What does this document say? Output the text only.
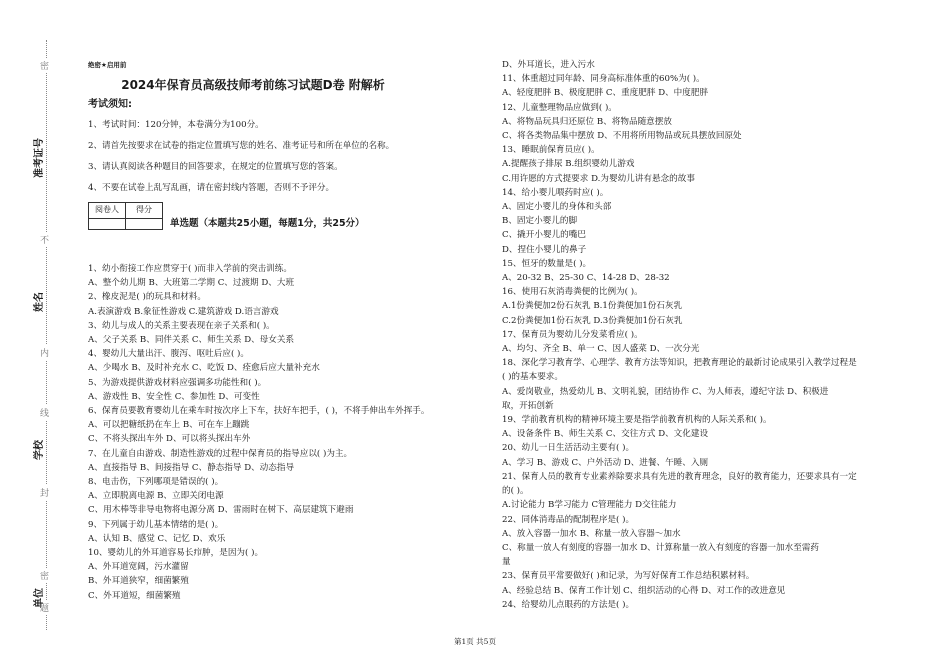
密
不
内
线
封
密
题
准考证号
姓名
学校
单位
绝密★启用前
2024年保育员高级技师考前练习试题D卷 附解析
考试须知:
1、考试时间：120分钟，本卷满分为100分。
2、请首先按要求在试卷的指定位置填写您的姓名、准考证号和所在单位的名称。
3、请认真阅读各种题目的回答要求，在规定的位置填写您的答案。
4、不要在试卷上乱写乱画，请在密封线内答题，否则不予评分。
阅卷人	得分

单选题（本题共25小题，每题1分，共25分）
1、幼小衔接工作应贯穿于( )而非入学前的突击训练。
A、整个幼儿期 B、大班第二学期 C、过渡期 D、大班
2、橡皮泥是( )的玩具和材料。
A.表演游戏 B.象征性游戏 C.建筑游戏 D.语言游戏
3、幼儿与成人的关系主要表现在亲子关系和( )。
A、父子关系 B、同伴关系 C、师生关系 D、母女关系
4、婴幼儿大量出汗、腹泻、呕吐后应( )。
A、少喝水 B、及时补充水 C、吃饭 D、痊愈后应大量补充水
5、为游戏提供游戏材料应强调多功能性和( )。
A、游戏性 B、安全性 C、参加性 D、可变性
6、保育员要教育婴幼儿在乘车时按次序上下车，扶好车把手，( )，不将手伸出车外挥手。
A、可以把糖纸扔在车上 B、可在车上蹦跳
C、不将头探出车外 D、可以将头探出车外
7、在儿童自由游戏、制造性游戏的过程中保育员的指导应以( )为主。
A、直接指导 B、间接指导 C、静态指导 D、动态指导
8、电击伤，下列哪项是错误的( )。
A、立即脱离电源 B、立即关闭电源
C、用木棒等非导电物将电源分离 D、雷雨时在树下、高层建筑下避雨
9、下列属于幼儿基本情绪的是( )。
A、认知 B、感觉 C、记忆 D、欢乐
10、婴幼儿的外耳道容易长疖肿，是因为( )。
A、外耳道宽阔，污水灌留
B、外耳道狭窄，细菌繁殖
C、外耳道短，细菌繁殖
D、外耳道长，进入污水
11、体重超过同年龄、同身高标准体重的60%为( )。
A、轻度肥胖 B、极度肥胖 C、重度肥胖 D、中度肥胖
12、儿童整理物品应做到( )。
A、将物品玩具归还原位 B、将物品随意摆放
C、将各类物品集中摆放 D、不用将所用物品或玩具摆放回原处
13、睡眠前保育员应( )。
A.提醒孩子排尿 B.组织婴幼儿游戏
C.用许愿的方式提要求 D.为婴幼儿讲有悬念的故事
14、给小婴儿喂药时应( )。
A、固定小婴儿的身体和头部
B、固定小婴儿的脚
C、撬开小婴儿的嘴巴
D、捏住小婴儿的鼻子
15、恒牙的数量是( )。
A、20-32 B、25-30 C、14-28 D、28-32
16、使用石灰消毒粪便的比例为( )。
A.1份粪便加2份石灰乳 B.1份粪便加1份石灰乳
C.2份粪便加1份石灰乳 D.3份粪便加1份石灰乳
17、保育员为婴幼儿分发菜肴应( )。
A、均匀、齐全 B、单一 C、因人盛菜 D、一次分光
18、深化学习教育学、心理学、教育方法等知识，把教育理论的最新讨论成果引入教学过程是
( )的基本要求。
A、爱岗敬业，热爱幼儿 B、文明礼貌，团结协作 C、为人师表，遵纪守法 D、积极进
取，开拓创新
19、学前教育机构的精神环境主要是指学前教育机构的人际关系和( )。
A、设备条件 B、师生关系 C、交往方式 D、文化建设
20、幼儿一日生活活动主要有( )。
A、学习 B、游戏 C、户外活动 D、进餐、午睡、入厕
21、保育人员的教育专业素养除要求具有先进的教育理念，良好的教育能力，还要求具有一定
的( )。
A.讨论能力 B学习能力 C管理能力 D交往能力
22、同体消毒品的配制程序是( )。
A、放入容器一加水 B、称量一放入容器～加水
C、称量一放人有刻度的容器一加水 D、计算称量一放入有刻度的容器一加水至需药
量
23、保育员平常要做好( )和记录，为写好保育工作总结积累材料。
A、经验总结 B、保育工作计划 C、组织活动的心得 D、对工作的改进意见
24、给婴幼儿点眼药的方法是( )。
第1页 共5页
